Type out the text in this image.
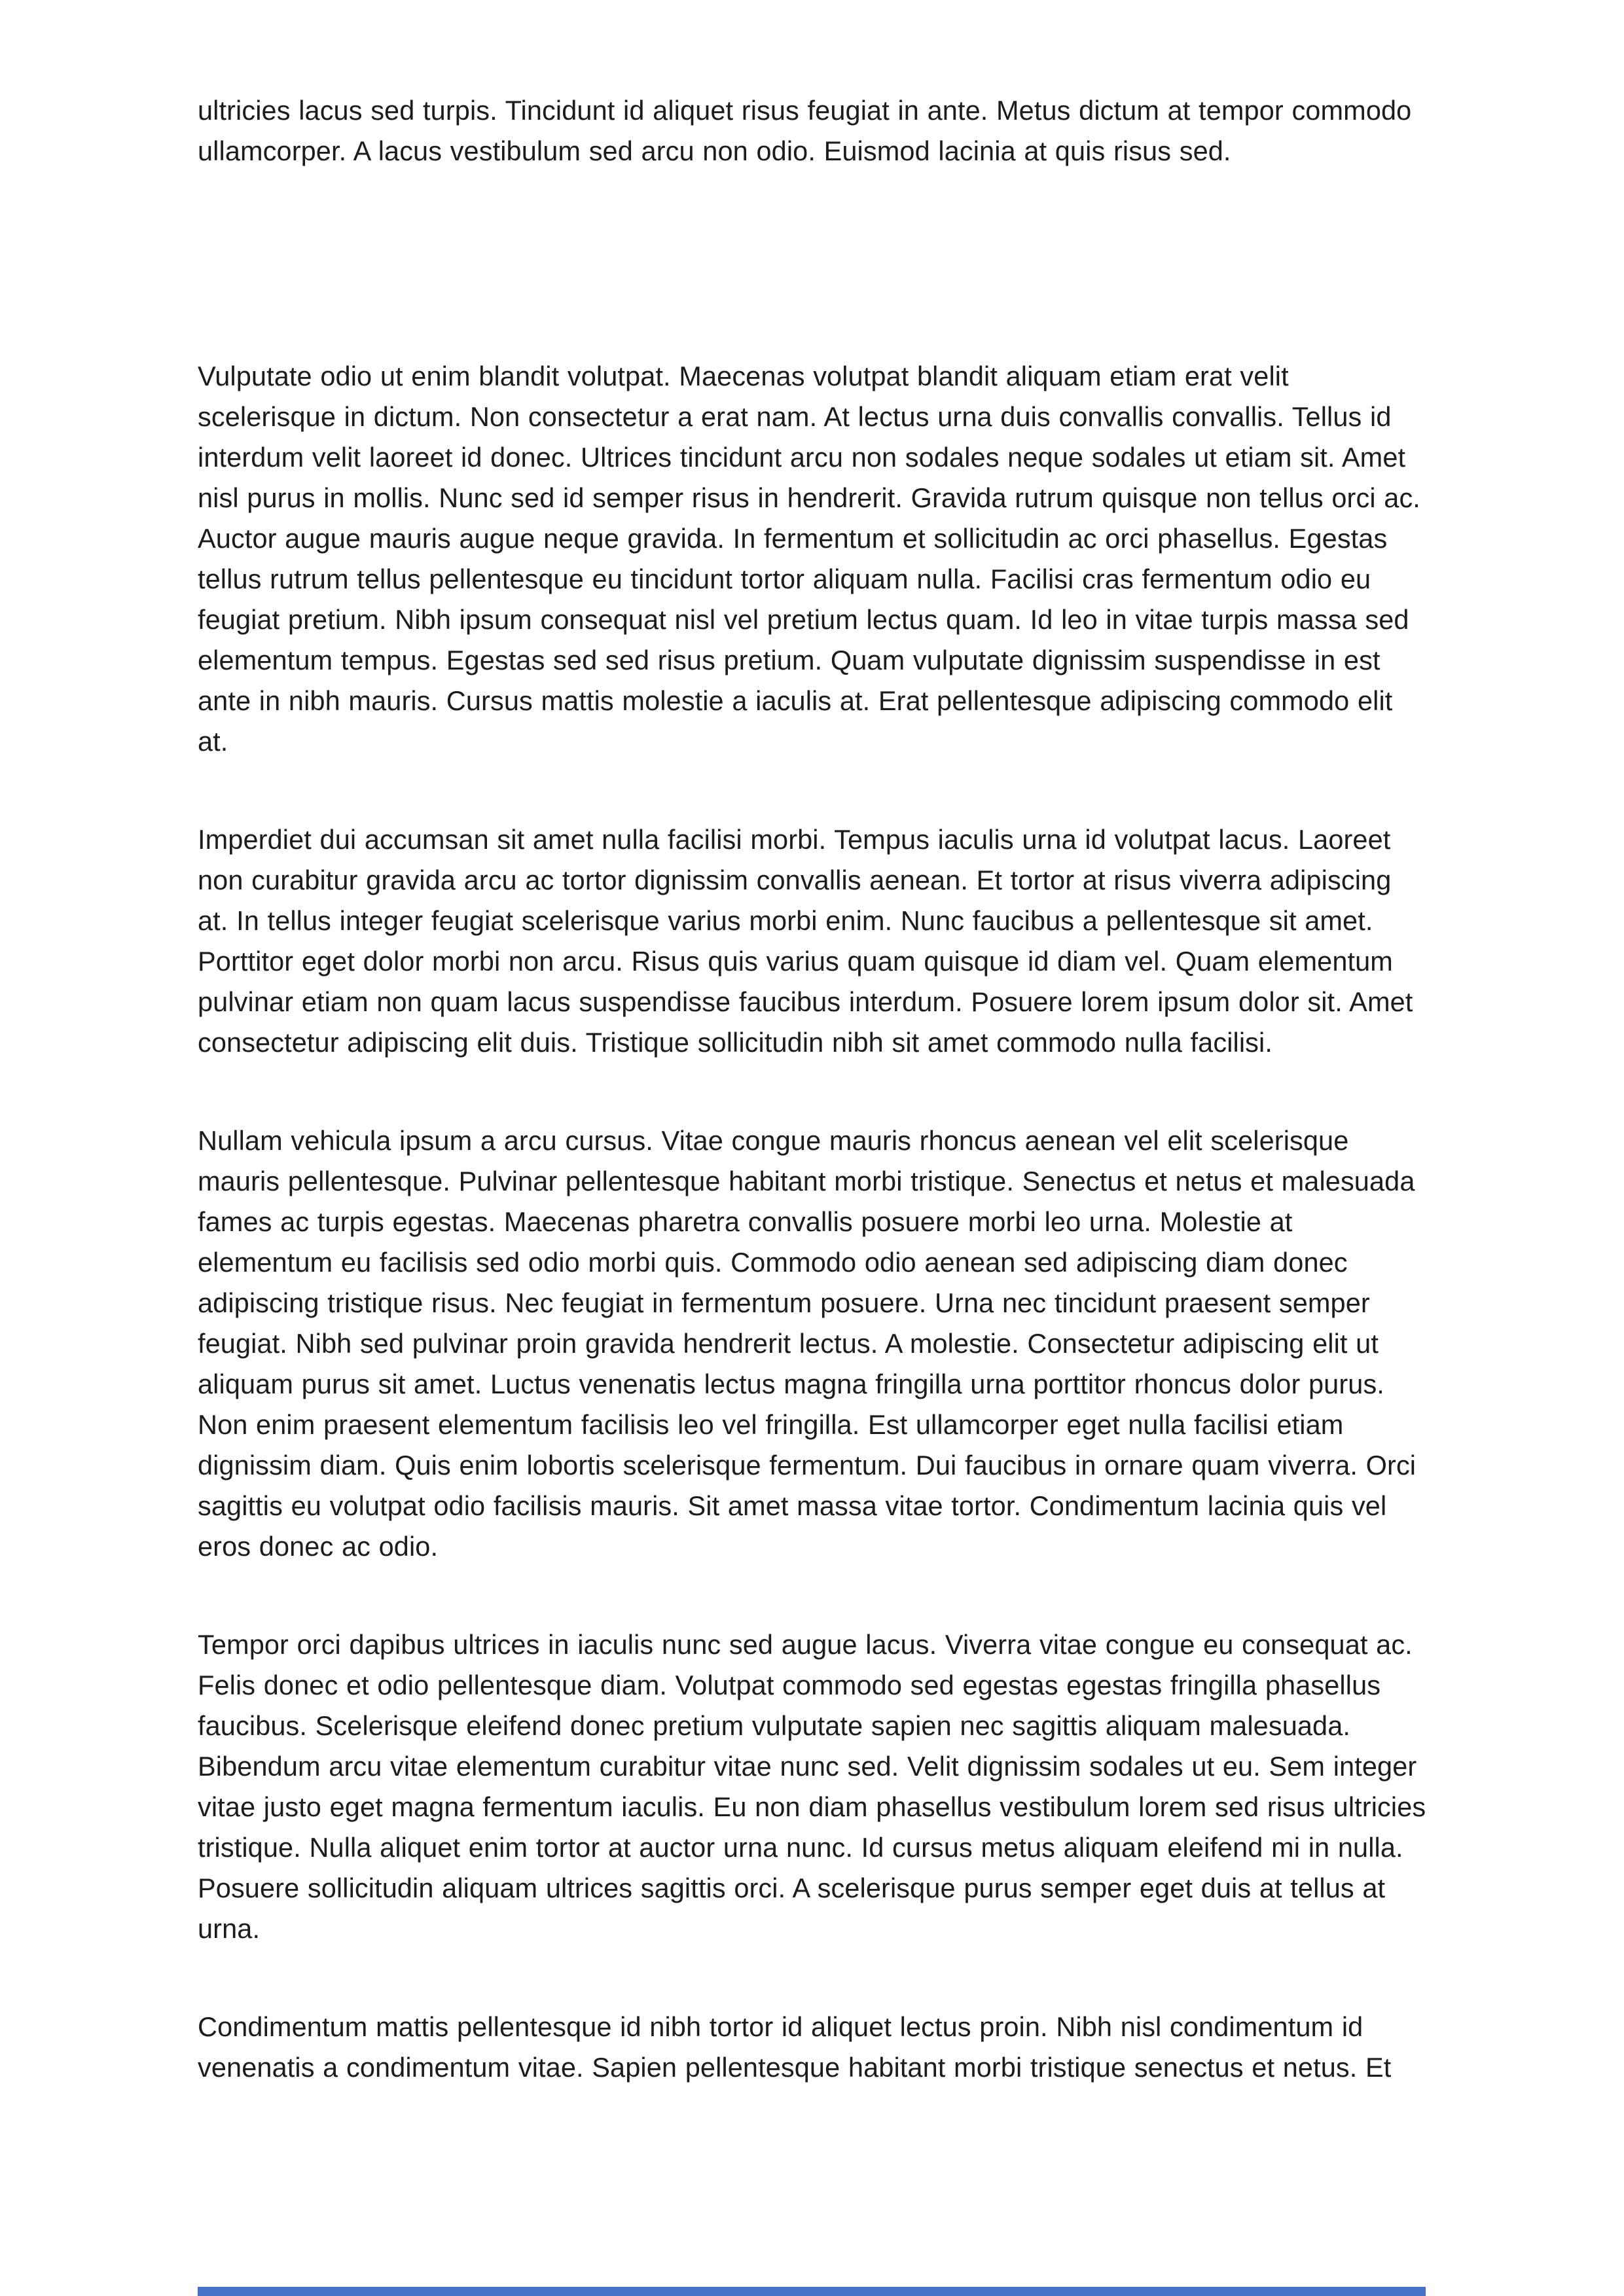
ultricies lacus sed turpis. Tincidunt id aliquet risus feugiat in ante. Metus dictum at tempor commodo ullamcorper. A lacus vestibulum sed arcu non odio. Euismod lacinia at quis risus sed.

Vulputate odio ut enim blandit volutpat. Maecenas volutpat blandit aliquam etiam erat velit scelerisque in dictum. Non consectetur a erat nam. At lectus urna duis convallis convallis. Tellus id interdum velit laoreet id donec. Ultrices tincidunt arcu non sodales neque sodales ut etiam sit. Amet nisl purus in mollis. Nunc sed id semper risus in hendrerit. Gravida rutrum quisque non tellus orci ac. Auctor augue mauris augue neque gravida. In fermentum et sollicitudin ac orci phasellus. Egestas tellus rutrum tellus pellentesque eu tincidunt tortor aliquam nulla. Facilisi cras fermentum odio eu feugiat pretium. Nibh ipsum consequat nisl vel pretium lectus quam. Id leo in vitae turpis massa sed elementum tempus. Egestas sed sed risus pretium. Quam vulputate dignissim suspendisse in est ante in nibh mauris. Cursus mattis molestie a iaculis at. Erat pellentesque adipiscing commodo elit at.

Imperdiet dui accumsan sit amet nulla facilisi morbi. Tempus iaculis urna id volutpat lacus. Laoreet non curabitur gravida arcu ac tortor dignissim convallis aenean. Et tortor at risus viverra adipiscing at. In tellus integer feugiat scelerisque varius morbi enim. Nunc faucibus a pellentesque sit amet. Porttitor eget dolor morbi non arcu. Risus quis varius quam quisque id diam vel. Quam elementum pulvinar etiam non quam lacus suspendisse faucibus interdum. Posuere lorem ipsum dolor sit. Amet consectetur adipiscing elit duis. Tristique sollicitudin nibh sit amet commodo nulla facilisi.

Nullam vehicula ipsum a arcu cursus. Vitae congue mauris rhoncus aenean vel elit scelerisque mauris pellentesque. Pulvinar pellentesque habitant morbi tristique. Senectus et netus et malesuada fames ac turpis egestas. Maecenas pharetra convallis posuere morbi leo urna. Molestie at elementum eu facilisis sed odio morbi quis. Commodo odio aenean sed adipiscing diam donec adipiscing tristique risus. Nec feugiat in fermentum posuere. Urna nec tincidunt praesent semper feugiat. Nibh sed pulvinar proin gravida hendrerit lectus. A molestie. Consectetur adipiscing elit ut aliquam purus sit amet. Luctus venenatis lectus magna fringilla urna porttitor rhoncus dolor purus. Non enim praesent elementum facilisis leo vel fringilla. Est ullamcorper eget nulla facilisi etiam dignissim diam. Quis enim lobortis scelerisque fermentum. Dui faucibus in ornare quam viverra. Orci sagittis eu volutpat odio facilisis mauris. Sit amet massa vitae tortor. Condimentum lacinia quis vel eros donec ac odio.

Tempor orci dapibus ultrices in iaculis nunc sed augue lacus. Viverra vitae congue eu consequat ac. Felis donec et odio pellentesque diam. Volutpat commodo sed egestas egestas fringilla phasellus faucibus. Scelerisque eleifend donec pretium vulputate sapien nec sagittis aliquam malesuada. Bibendum arcu vitae elementum curabitur vitae nunc sed. Velit dignissim sodales ut eu. Sem integer vitae justo eget magna fermentum iaculis. Eu non diam phasellus vestibulum lorem sed risus ultricies tristique. Nulla aliquet enim tortor at auctor urna nunc. Id cursus metus aliquam eleifend mi in nulla. Posuere sollicitudin aliquam ultrices sagittis orci. A scelerisque purus semper eget duis at tellus at urna.

Condimentum mattis pellentesque id nibh tortor id aliquet lectus proin. Nibh nisl condimentum id venenatis a condimentum vitae. Sapien pellentesque habitant morbi tristique senectus et netus. Et
